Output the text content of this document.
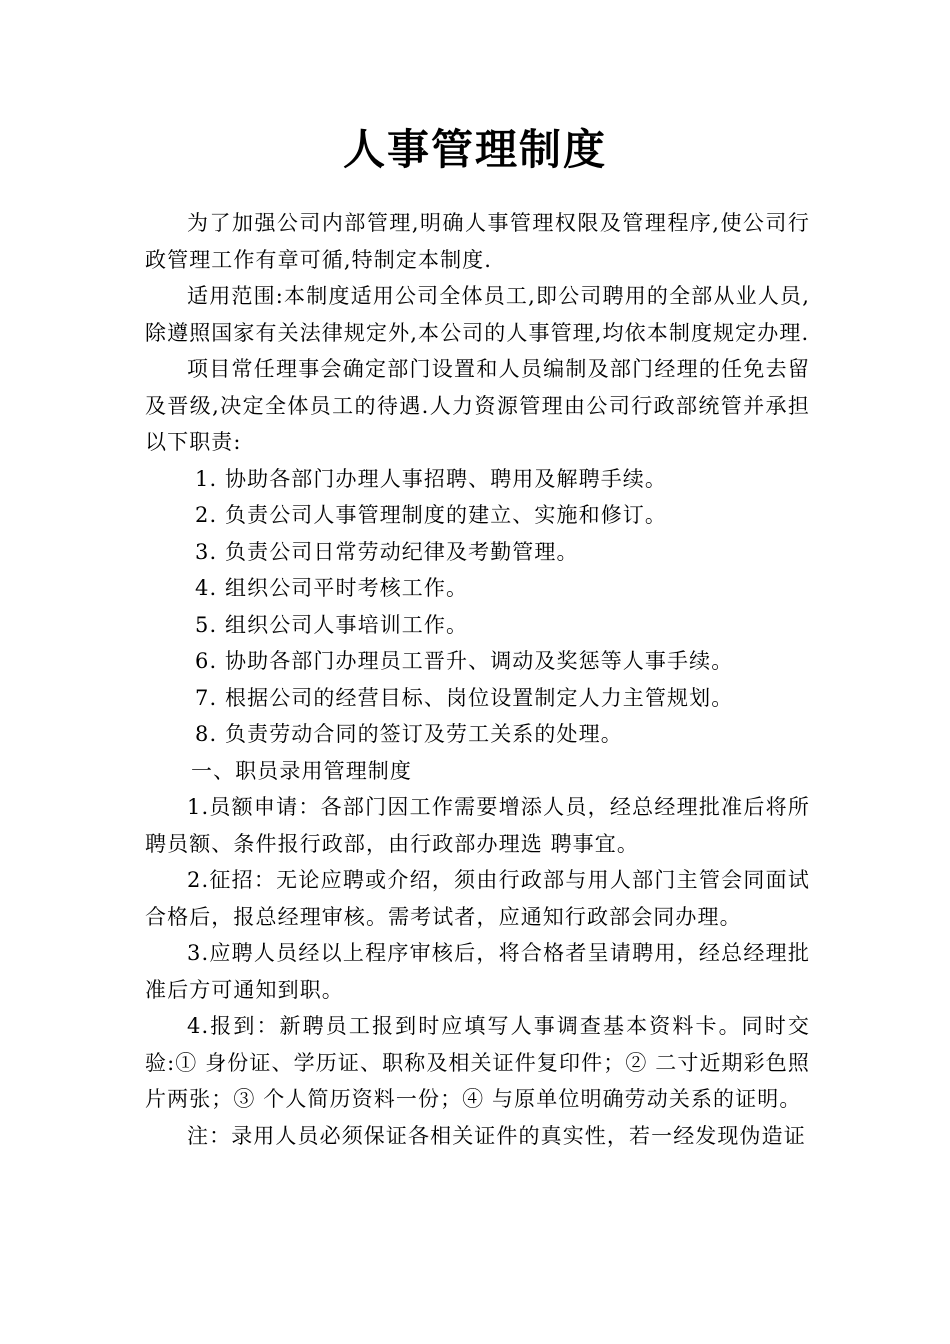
人事管理制度

为了加强公司内部管理,明确人事管理权限及管理程序,使公司行政管理工作有章可循,特制定本制度.

适用范围:本制度适用公司全体员工,即公司聘用的全部从业人员,除遵照国家有关法律规定外,本公司的人事管理,均依本制度规定办理.

项目常任理事会确定部门设置和人员编制及部门经理的任免去留及晋级,决定全体员工的待遇.人力资源管理由公司行政部统管并承担以下职责:

1. 协助各部门办理人事招聘、聘用及解聘手续。

2. 负责公司人事管理制度的建立、实施和修订。

3. 负责公司日常劳动纪律及考勤管理。

4. 组织公司平时考核工作。

5. 组织公司人事培训工作。

6. 协助各部门办理员工晋升、调动及奖惩等人事手续。

7. 根据公司的经营目标、岗位设置制定人力主管规划。

8. 负责劳动合同的签订及劳工关系的处理。

一、职员录用管理制度

1.员额申请：各部门因工作需要增添人员，经总经理批准后将所聘员额、条件报行政部，由行政部办理选 聘事宜。

2.征招：无论应聘或介绍，须由行政部与用人部门主管会同面试合格后，报总经理审核。需考试者，应通知行政部会同办理。

3.应聘人员经以上程序审核后，将合格者呈请聘用，经总经理批准后方可通知到职。

4.报到：新聘员工报到时应填写人事调查基本资料卡。同时交验:① 身份证、学历证、职称及相关证件复印件；② 二寸近期彩色照片两张；③ 个人简历资料一份；④ 与原单位明确劳动关系的证明。

注：录用人员必须保证各相关证件的真实性，若一经发现伪造证
